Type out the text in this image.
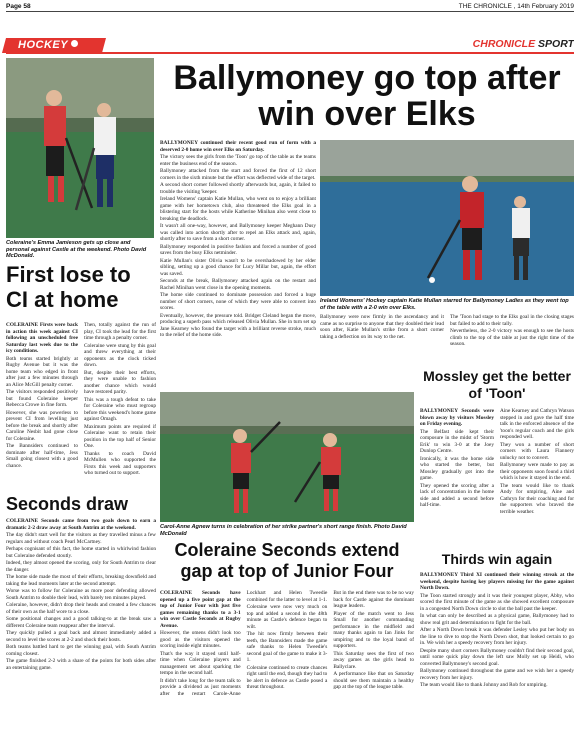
Page 58	THE CHRONICLE , 14th February 2019
HOCKEY	CHRONICLE SPORT
Coleraine's Emma Jamieson gets up close and personal against Castle at the weekend. Photo David McDonald.
Ballymoney go top after win over Elks

BALLYMONEY continued their recent good run of form with a deserved 2-0 home win over Elks on Saturday.

The victory sees the girls from the 'Toon' go top of the table as the teams enter the business end of the season.

Ballymoney attacked from the start and forced the first of 12 short corners in the sixth minute but the effort was deflected wide of the target.

A second short corner followed shortly afterwards but, again, it failed to trouble the visiting 'keeper.

Ireland Womens' captain Katie Mullan, who went on to enjoy a brilliant game with her hometown club, also threatened the Elks goal in a blistering start for the hosts while Katherine Minihan also went close to breaking the deadlock.

It wasn't all one-way, however, and Ballymoney keeper Meghann Dusy was called into action shortly after to repel an Elks attack and, again, shortly after to save from a short corner.

Ballymoney responded in positive fashion and forced a number of good saves from the busy Elks netminder.

Katie Mullan's sister Olivia wasn't to be overshadowed by her elder sibling, setting up a good chance for Lucy Millar but, again, the effort was saved.

Seconds at the break, Ballymoney attacked again on the restart and Rachel Minihan went close in the opening moments.

The home side continued to dominate possession and forced a huge number of short corners, none of which they were able to convert into scores.

Eventually, however, the pressure told. Bridget Cleland began the move, producing a superb pass which released Olivia Mullan. She in turn set up Jane Kearney who found the target with a brilliant reverse stroke, much to the relief of the home side.

Ireland Womens' Hockey captain Katie Mullan starred for Ballymoney Ladies as they went top of the table with a 2-0 win over Elks.

Ballymoney were now firmly in the ascendancy and it came as no surprise to anyone that they doubled their lead soon after, Katie Mullan's strike from a short corner taking a deflection on its way to the net.

The 'Toon had stage to the Elks goal in the closing stages but failed to add to their tally.

Nevertheless, the 2-0 victory was enough to see the hosts climb to the top of the table at just the right time of the season.

First lose to CI at home

COLERAINE Firsts were back in action this week against CI following an unscheduled free Saturday last week due to the icy conditions.

Both teams started brightly at Rugby Avenue but it was the home team who edged in front after just a few minutes through an Alice McGill penalty corner.

The visitors responded positively but found Coleraine keeper Rebecca Crowe in fine form.

However, she was powerless to prevent CI from levelling just before the break and shortly after Caroline Nesbit had gone close for Coleraine.

The Bannsiders continued to dominate after half-time, Jess Small going closest with a good chance.

Then, totally against the run of play, CI took the lead for the first time through a penalty corner.

Coleraine were stung by this goal and threw everything at their opponents as the clock ticked down.

But, despite their best efforts, they were unable to fashion another chance which would have restored parity.

This was a tough defeat to take for Coleraine who must regroup before this weekend's home game against Omagh.

Maximum points are required if Coleraine want to retain their position in the top half of Senior One.

Thanks to coach David McMullen who supported the Firsts this week and supporters who turned out to support.

Seconds draw

COLERAINE Seconds came from two goals down to earn a dramatic 2-2 draw away at South Antrim at the weekend.

The day didn't start well for the visitors as they travelled minus a few regulars and without coach Pearl McCartney.

Perhaps cognisant of this fact, the home started in whirlwind fashion but Coleraine defended stoutly.

Indeed, they almost opened the scoring, only for South Antrim to clear the danger.

The home side made the most of their efforts, breaking downfield and taking the lead moments later at the second attempt.

Worse was to follow for Coleraine as more poor defending allowed South Antrim to double their lead, with barely ten minutes played.

Coleraine, however, didn't drop their heads and created a few chances of their own as the half wore to a close.

Some positional changes and a good talking-to at the break saw a different Coleraine team reappear after the interval.

They quickly pulled a goal back and almost immediately added a second to level the scores at 2-2 and shock their hosts.

Both teams battled hard to get the winning goal, with South Antrim coming closest.

The game finished 2-2 with a share of the points for both sides after an entertaining game.

Carol-Anne Agnew turns in celebration of her strike partner's short range finish. Photo David McDonald
Coleraine Seconds extend gap at top of Junior Four

COLERAINE Seconds have opened up a five point gap at the top of Junior Four with just five games remaining thanks to a 3-1 win over Castle Seconds at Rugby Avenue.

However, the omens didn't look too good as the visitors opened the scoring inside eight minutes.

That's the way it stayed until half-time when Coleraine players and management set about sparking the tempo in the second half.

It didn't take long for the team talk to provide a dividend as just moments after the restart Carole-Anne Lockhart and Helen Tweedie combined for the latter to level at 1-1.

Coleraine were now very much on top and added a second in the 48th minute as Castle's defence began to wilt.

The hit now firmly between their teeth, the Bannsiders made the game safe thanks to Helen Tweedie's second goal of the game to make it 3-1.

Coleraine continued to create chances right until the end, though they had to be alert in defence as Castle posed a threat throughout.

But in the end there was to be no way back for Castle against the dominant league leaders.

Player of the match went to Jess Small for another commanding performance in the midfield and many thanks again to Ian Jinks for umpiring and to the loyal band of supporters.

This Saturday sees the first of two away games as the girls head to Ballyclare.

A performance like that on Saturday should see them maintain a healthy gap at the top of the league table.

Mossley get the better of 'Toon'

BALLYMONEY Seconds were blown away by visitors Mossley on Friday evening.

The Belfast side kept their composure in the midst of 'Storm Erik' to win 3-0 at the Joey Dunlop Centre.

Ironically, it was the home side who started the better, but Mossley gradually got into the game.

They opened the scoring after a lack of concentration in the home side and added a second before half-time.

Aine Kearney and Cathryn Watson stepped in and gave the half time talk in the enforced absence of the 'toon's regular coach and the girls responded well.

They won a number of short corners with Laura Flannery unlucky not to convert.

Ballymoney were made to pay as their opponents soon found a third which is how it stayed in the end.

The team would like to thank Andy for umpiring, Aine and Cathryn for their coaching and for the supporters who braved the terrible weather.

Thirds win again

BALLYMONEY Third XI continued their winning streak at the weekend, despite having key players missing for the game against North Down.

The Toon started strongly and it was their youngest player, Abby, who scored the first minute of the game as she showed excellent composure in a congested North Down circle to slot the ball past the keeper.

In what can only be described as a physical game, Ballymoney had to show real grit and determination to fight for the ball.

After a North Down break it was defender Lesley who put her body on the line to dive to stop the North Down shot, that looked certain to go in. We wish her a speedy recovery from her injury.

Despite many short corners Ballymoney couldn't find their second goal, until some quick play down the left saw Molly set up Heidi, who converted Ballymoney's second goal.

Ballymoney continued throughout the game and we wish her a speedy recovery from her injury.

The team would like to thank Johnny and Rob for umpiring.
